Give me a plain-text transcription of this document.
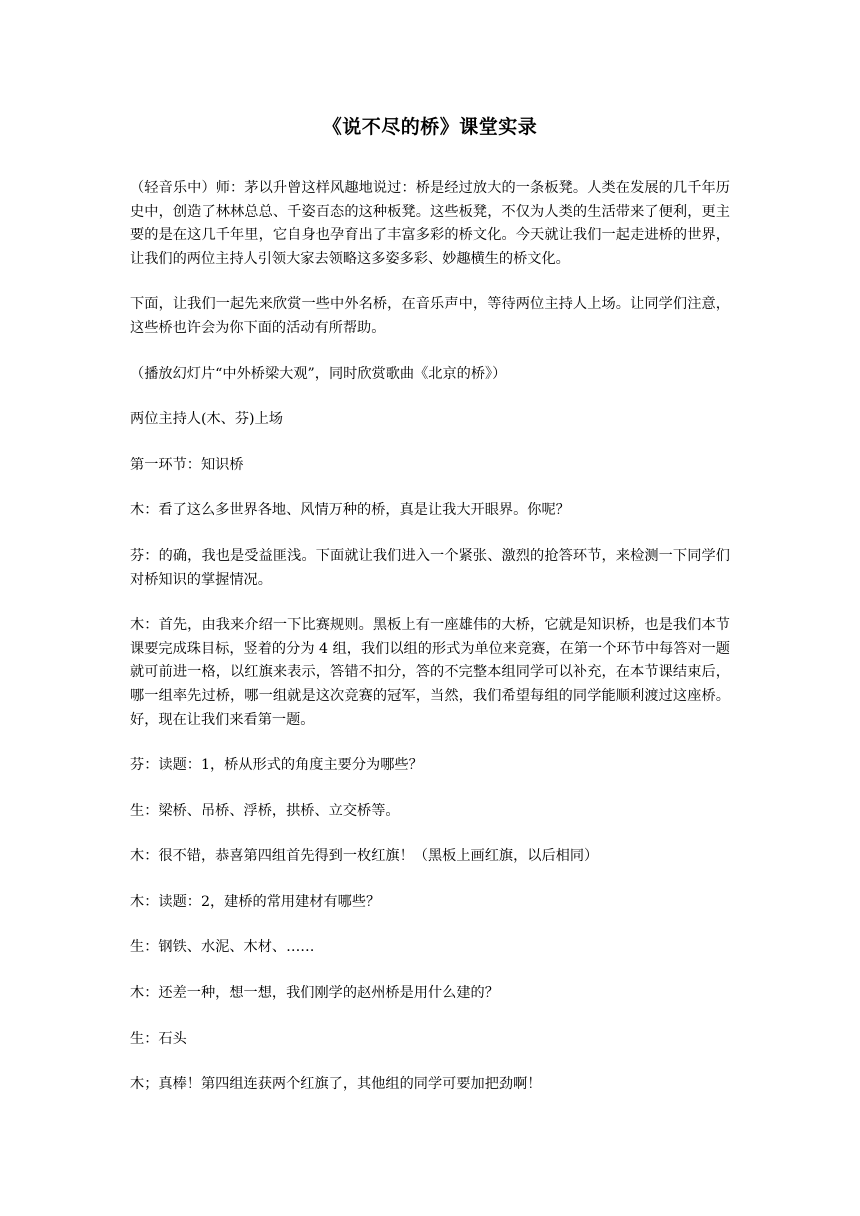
《说不尽的桥》课堂实录

（轻音乐中）师：茅以升曾这样风趣地说过：桥是经过放大的一条板凳。人类在发展的几千年历史中，创造了林林总总、千姿百态的这种板凳。这些板凳，不仅为人类的生活带来了便利，更主要的是在这几千年里，它自身也孕育出了丰富多彩的桥文化。今天就让我们一起走进桥的世界，让我们的两位主持人引领大家去领略这多姿多彩、妙趣横生的桥文化。

下面，让我们一起先来欣赏一些中外名桥，在音乐声中，等待两位主持人上场。让同学们注意，这些桥也许会为你下面的活动有所帮助。

（播放幻灯片“中外桥梁大观”，同时欣赏歌曲《北京的桥》）

两位主持人(木、芬)上场

第一环节：知识桥

木：看了这么多世界各地、风情万种的桥，真是让我大开眼界。你呢？

芬：的确，我也是受益匪浅。下面就让我们进入一个紧张、激烈的抢答环节，来检测一下同学们对桥知识的掌握情况。

木：首先，由我来介绍一下比赛规则。黑板上有一座雄伟的大桥，它就是知识桥，也是我们本节课要完成珠目标，竖着的分为 4 组，我们以组的形式为单位来竞赛，在第一个环节中每答对一题就可前进一格，以红旗来表示，答错不扣分，答的不完整本组同学可以补充，在本节课结束后，哪一组率先过桥，哪一组就是这次竞赛的冠军，当然，我们希望每组的同学能顺利渡过这座桥。好，现在让我们来看第一题。

芬：读题：1，桥从形式的角度主要分为哪些？

生：梁桥、吊桥、浮桥，拱桥、立交桥等。

木：很不错，恭喜第四组首先得到一枚红旗！（黑板上画红旗，以后相同）

木：读题：2，建桥的常用建材有哪些？

生：钢铁、水泥、木材、……

木：还差一种，想一想，我们刚学的赵州桥是用什么建的？

生：石头

木；真棒！第四组连获两个红旗了，其他组的同学可要加把劲啊！
